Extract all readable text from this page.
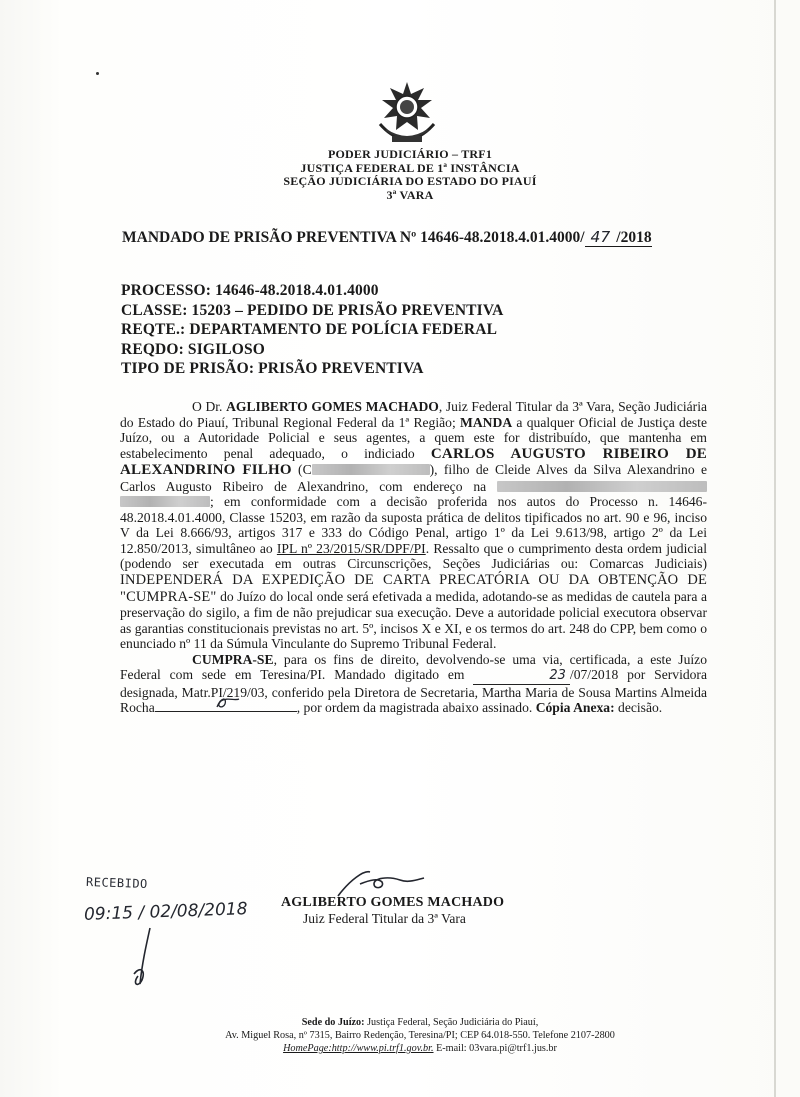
PODER JUDICIÁRIO – TRF1
JUSTIÇA FEDERAL DE 1ª INSTÂNCIA
SEÇÃO JUDICIÁRIA DO ESTADO DO PIAUÍ
3ª VARA
MANDADO DE PRISÃO PREVENTIVA Nº 14646-48.2018.4.01.4000/ 47 /2018
PROCESSO: 14646-48.2018.4.01.4000
CLASSE: 15203 – PEDIDO DE PRISÃO PREVENTIVA
REQTE.: DEPARTAMENTO DE POLÍCIA FEDERAL
REQDO: SIGILOSO
TIPO DE PRISÃO: PRISÃO PREVENTIVA

O Dr. AGLIBERTO GOMES MACHADO, Juiz Federal Titular da 3ª Vara, Seção Judiciária do Estado do Piauí, Tribunal Regional Federal da 1ª Região; MANDA a qualquer Oficial de Justiça deste Juízo, ou a Autoridade Policial e seus agentes, a quem este for distribuído, que mantenha em estabelecimento penal adequado, o indiciado CARLOS AUGUSTO RIBEIRO DE ALEXANDRINO FILHO (C	), filho de Cleide Alves da Silva Alexandrino e Carlos Augusto Ribeiro de Alexandrino, com endereço na ; em conformidade com a decisão proferida nos autos do Processo n. 14646-48.2018.4.01.4000, Classe 15203, em razão da suposta prática de delitos tipificados no art. 90 e 96, inciso V da Lei 8.666/93, artigos 317 e 333 do Código Penal, artigo 1º da Lei 9.613/98, artigo 2º da Lei 12.850/2013, simultâneo ao IPL nº 23/2015/SR/DPF/PI. Ressalto que o cumprimento desta ordem judicial (podendo ser executada em outras Circunscrições, Seções Judiciárias ou: Comarcas Judiciais) INDEPENDERÁ DA EXPEDIÇÃO DE CARTA PRECATÓRIA OU DA OBTENÇÃO DE "CUMPRA-SE" do Juízo do local onde será efetivada a medida, adotando-se as medidas de cautela para a preservação do sigilo, a fim de não prejudicar sua execução. Deve a autoridade policial executora observar as garantias constitucionais previstas no art. 5º, incisos X e XI, e os termos do art. 248 do CPP, bem como o enunciado nº 11 da Súmula Vinculante do Supremo Tribunal Federal.

CUMPRA-SE, para os fins de direito, devolvendo-se uma via, certificada, a este Juízo Federal com sede em Teresina/PI. Mandado digitado em	23 /07/2018 por Servidora designada, Matr.PI/219/03, conferido pela Diretora de Secretaria, Martha Maria de Sousa Martins Almeida Rocha	, por ordem da magistrada abaixo assinado. Cópia Anexa: decisão.

AGLIBERTO GOMES MACHADO
Juiz Federal Titular da 3ª Vara
RECEBIDO
09:15 / 02/08/2018
Sede do Juízo: Justiça Federal, Seção Judiciária do Piauí,
Av. Miguel Rosa, nº 7315, Bairro Redenção, Teresina/PI; CEP 64.018-550. Telefone 2107-2800
HomePage:http://www.pi.trf1.gov.br. E-mail: 03vara.pi@trf1.jus.br
